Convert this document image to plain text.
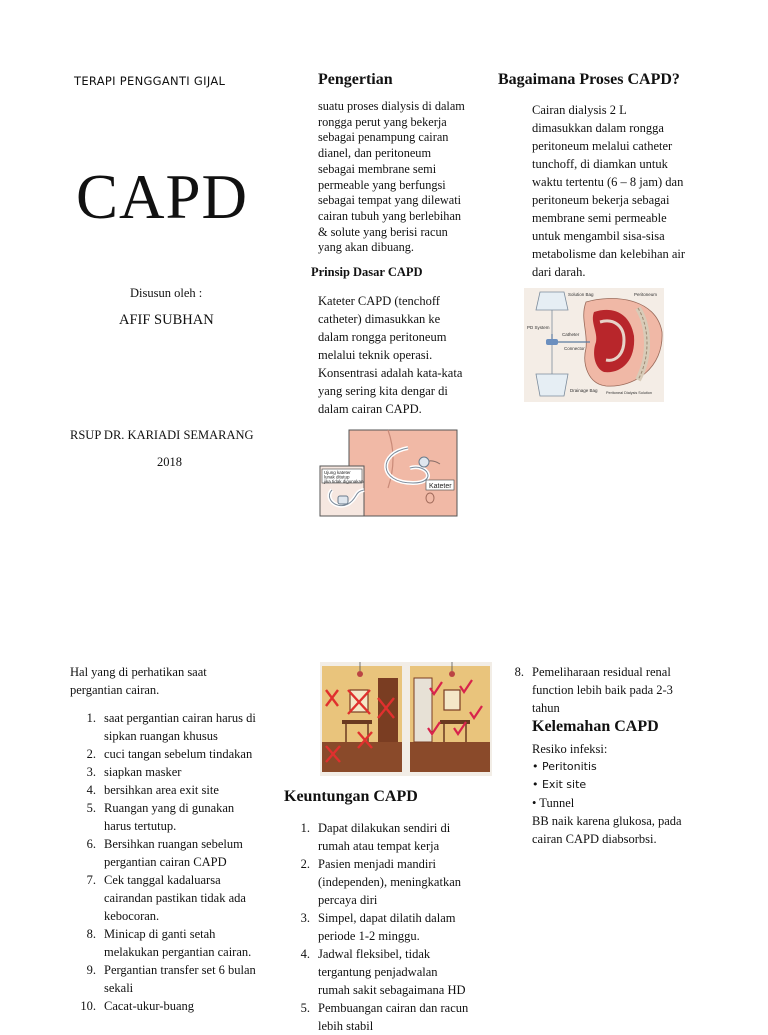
TERAPI PENGGANTI GIJAL
CAPD
Disusun oleh :
AFIF SUBHAN
RSUP DR. KARIADI SEMARANG
2018
Pengertian
suatu proses dialysis di dalam
rongga perut yang bekerja
sebagai penampung cairan
dianel, dan peritoneum
sebagai membrane semi
permeable yang berfungsi
sebagai tempat yang dilewati
cairan tubuh yang berlebihan
& solute yang berisi racun
yang akan dibuang.
Prinsip Dasar CAPD
Kateter CAPD (tenchoff
catheter) dimasukkan ke
dalam rongga peritoneum
melalui teknik operasi.
Konsentrasi adalah kata-kata
yang sering kita dengar di
dalam cairan CAPD.
Ujung kateter
lunak ditutup
jika tidak digunakan
Kateter
Bagaimana Proses CAPD?
Cairan dialysis 2 L
dimasukkan dalam rongga
peritoneum melalui catheter
tunchoff, di diamkan untuk
waktu tertentu (6 – 8 jam) dan
peritoneum bekerja sebagai
membrane semi permeable
untuk mengambil sisa-sisa
metabolisme dan kelebihan air
dari darah.
Solution Bag	Peritoneum
PD System
Catheter
Connector
Drainage Bag Peritoneal Dialysis Solution
Hal yang di perhatikan saat
pergantian cairan.
1. saat pergantian cairan harus di
sipkan ruangan khusus
2. cuci tangan sebelum tindakan
3. siapkan masker
4. bersihkan area exit site
5. Ruangan yang di gunakan
harus tertutup.
6. Bersihkan ruangan sebelum
pergantian cairan CAPD
7. Cek tanggal kadaluarsa
cairandan pastikan tidak ada
kebocoran.
8. Minicap di ganti setah
melakukan pergantian cairan.
9. Pergantian transfer set 6 bulan
sekali
10. Cacat-ukur-buang
Keuntungan CAPD
1. Dapat dilakukan sendiri di
rumah atau tempat kerja
2. Pasien menjadi mandiri
(independen), meningkatkan
percaya diri
3. Simpel, dapat dilatih dalam
periode 1-2 minggu.
4. Jadwal fleksibel, tidak
tergantung penjadwalan
rumah sakit sebagaimana HD
5. Pembuangan cairan dan racun
lebih stabil
8. Pemeliharaan residual renal
function lebih baik pada 2-3
tahun
Kelemahan CAPD
Resiko infeksi:
• Peritonitis
• Exit site
• Tunnel
BB naik karena glukosa, pada
cairan CAPD diabsorbsi.
